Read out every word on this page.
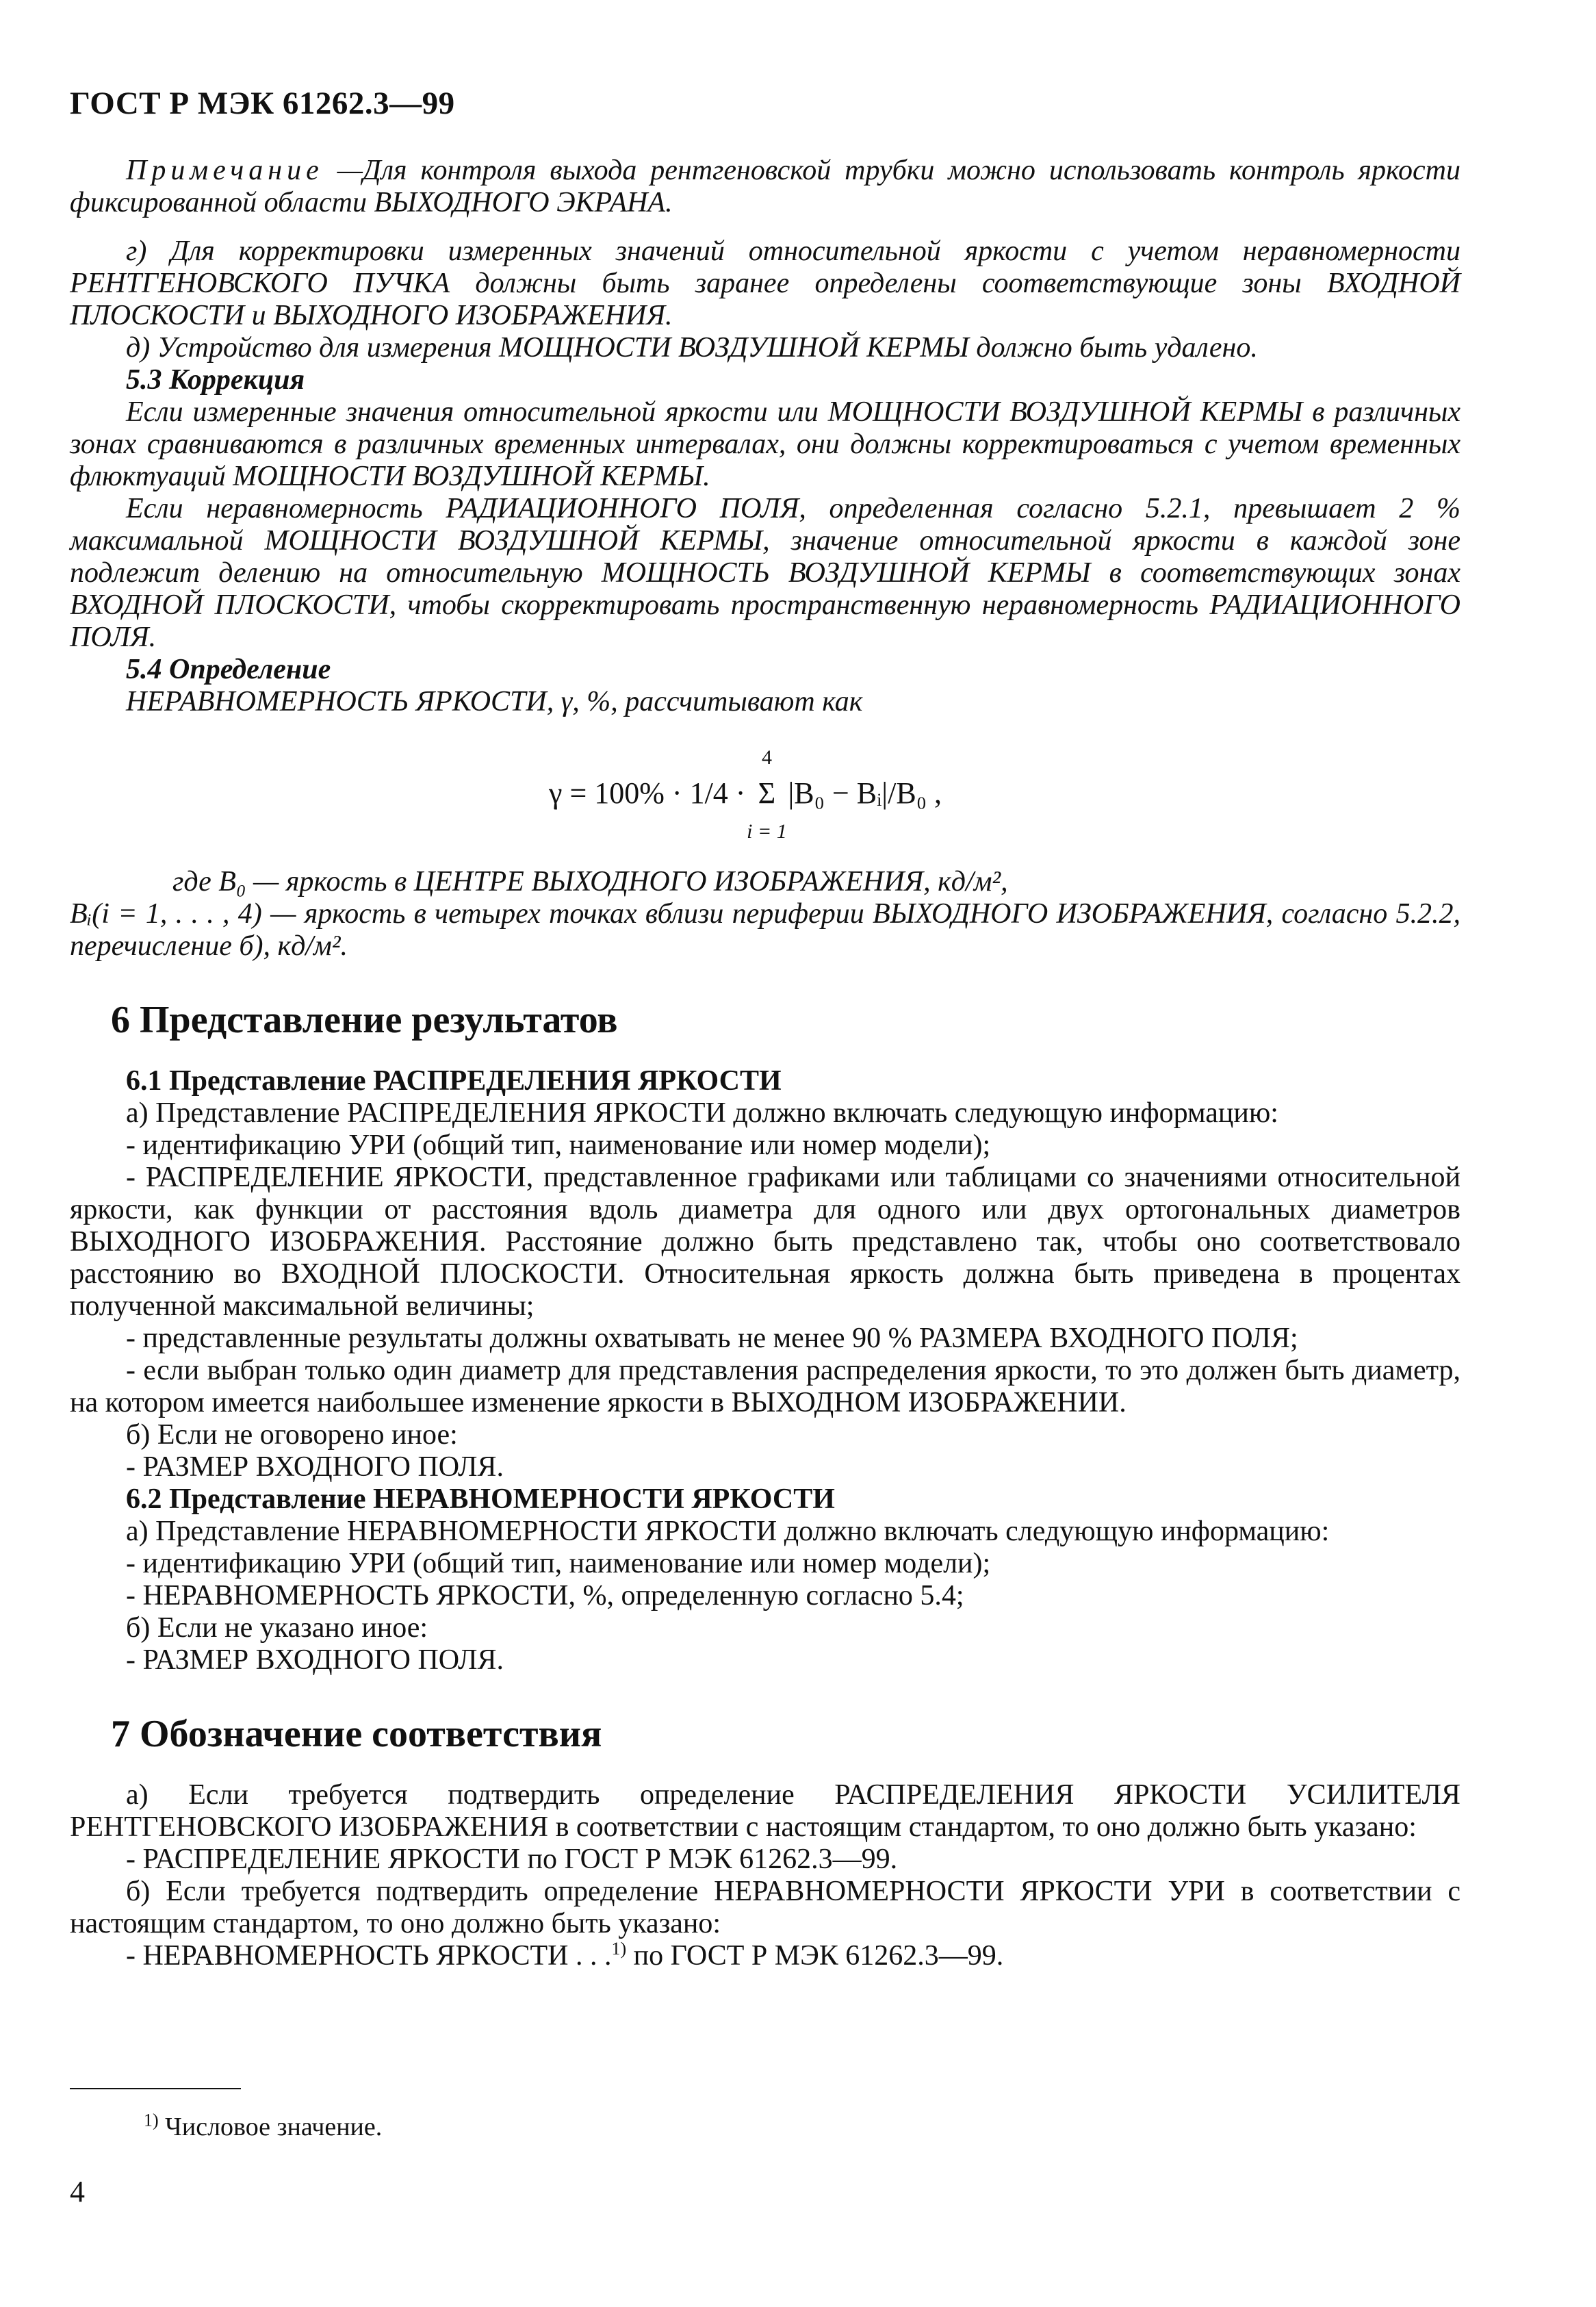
ГОСТ Р МЭК 61262.3—99

Примечание —Для контроля выхода рентгеновской трубки можно использовать контроль яркости фиксированной области ВЫХОДНОГО ЭКРАНА.

г) Для корректировки измеренных значений относительной яркости с учетом неравномерности РЕНТГЕНОВСКОГО ПУЧКА должны быть заранее определены соответствующие зоны ВХОДНОЙ ПЛОСКОСТИ и ВЫХОДНОГО ИЗОБРАЖЕНИЯ.

д) Устройство для измерения МОЩНОСТИ ВОЗДУШНОЙ КЕРМЫ должно быть удалено.

5.3 Коррекция

Если измеренные значения относительной яркости или МОЩНОСТИ ВОЗДУШНОЙ КЕРМЫ в различных зонах сравниваются в различных временных интервалах, они должны корректироваться с учетом временных флюктуаций МОЩНОСТИ ВОЗДУШНОЙ КЕРМЫ.

Если неравномерность РАДИАЦИОННОГО ПОЛЯ, определенная согласно 5.2.1, превышает 2 % максимальной МОЩНОСТИ ВОЗДУШНОЙ КЕРМЫ, значение относительной яркости в каждой зоне подлежит делению на относительную МОЩНОСТЬ ВОЗДУШНОЙ КЕРМЫ в соответствующих зонах ВХОДНОЙ ПЛОСКОСТИ, чтобы скорректировать пространственную неравномерность РАДИАЦИОННОГО ПОЛЯ.

5.4 Определение

НЕРАВНОМЕРНОСТЬ ЯРКОСТИ, γ, %, рассчитывают как

γ = 100% · 1/4 ·
4
Σ
i = 1
|B₀ − Bᵢ|/B₀ ,

где B₀ — яркость в ЦЕНТРЕ ВЫХОДНОГО ИЗОБРАЖЕНИЯ, кд/м²,

Bᵢ(i = 1, . . . , 4) — яркость в четырех точках вблизи периферии ВЫХОДНОГО ИЗОБРАЖЕНИЯ, согласно 5.2.2, перечисление б), кд/м².

6 Представление результатов

6.1 Представление РАСПРЕДЕЛЕНИЯ ЯРКОСТИ

а) Представление РАСПРЕДЕЛЕНИЯ ЯРКОСТИ должно включать следующую информацию:

- идентификацию УРИ (общий тип, наименование или номер модели);

- РАСПРЕДЕЛЕНИЕ ЯРКОСТИ, представленное графиками или таблицами со значениями относительной яркости, как функции от расстояния вдоль диаметра для одного или двух ортогональных диаметров ВЫХОДНОГО ИЗОБРАЖЕНИЯ. Расстояние должно быть представлено так, чтобы оно соответствовало расстоянию во ВХОДНОЙ ПЛОСКОСТИ. Относительная яркость должна быть приведена в процентах полученной максимальной величины;

- представленные результаты должны охватывать не менее 90 % РАЗМЕРА ВХОДНОГО ПОЛЯ;

- если выбран только один диаметр для представления распределения яркости, то это должен быть диаметр, на котором имеется наибольшее изменение яркости в ВЫХОДНОМ ИЗОБРАЖЕНИИ.

б) Если не оговорено иное:

- РАЗМЕР ВХОДНОГО ПОЛЯ.

6.2 Представление НЕРАВНОМЕРНОСТИ ЯРКОСТИ

а) Представление НЕРАВНОМЕРНОСТИ ЯРКОСТИ должно включать следующую информацию:

- идентификацию УРИ (общий тип, наименование или номер модели);

- НЕРАВНОМЕРНОСТЬ ЯРКОСТИ, %, определенную согласно 5.4;

б) Если не указано иное:

- РАЗМЕР ВХОДНОГО ПОЛЯ.

7 Обозначение соответствия

а) Если требуется подтвердить определение РАСПРЕДЕЛЕНИЯ ЯРКОСТИ УСИЛИТЕЛЯ РЕНТГЕНОВСКОГО ИЗОБРАЖЕНИЯ в соответствии с настоящим стандартом, то оно должно быть указано:

- РАСПРЕДЕЛЕНИЕ ЯРКОСТИ по ГОСТ Р МЭК 61262.3—99.

б) Если требуется подтвердить определение НЕРАВНОМЕРНОСТИ ЯРКОСТИ УРИ в соответствии с настоящим стандартом, то оно должно быть указано:

- НЕРАВНОМЕРНОСТЬ ЯРКОСТИ . . .$^{1)}$ по ГОСТ Р МЭК 61262.3—99.

$^{1)}$ Числовое значение.
4
